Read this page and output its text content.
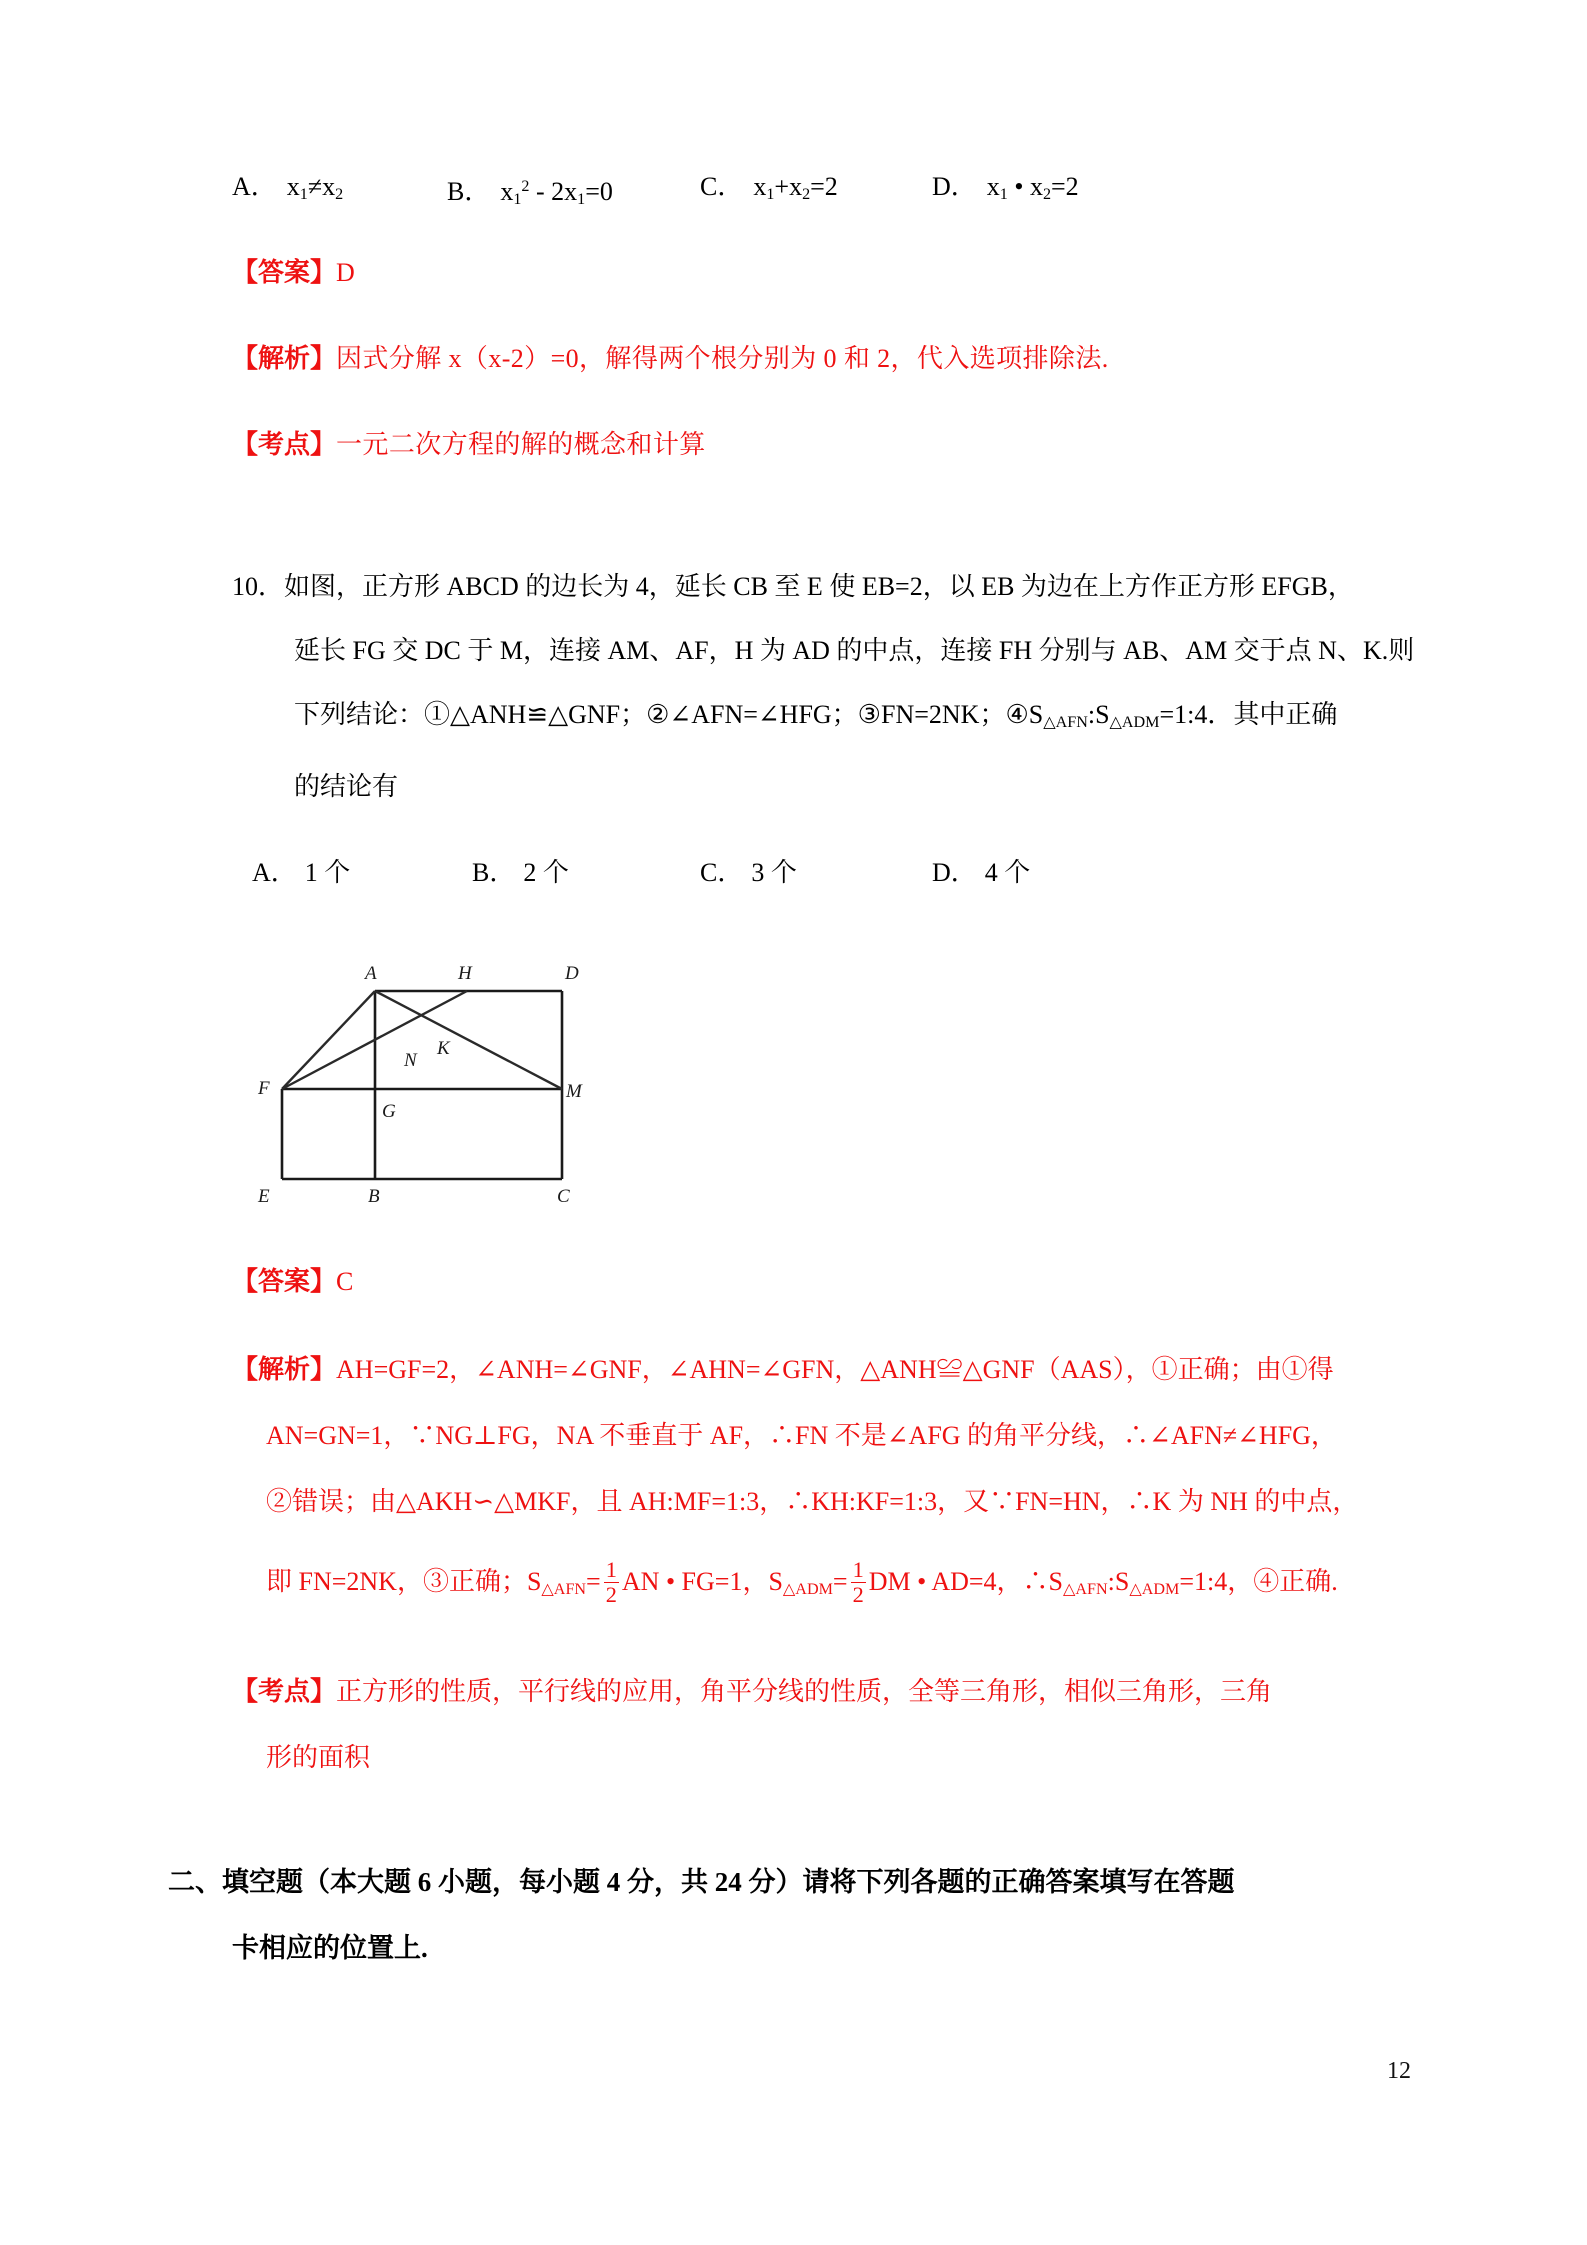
A． $x_1\ne x_2$	B． $x_1^2 - 2x_1=0$	C． $x_1+x_2=2$	D． $x_1$ • $x_2=2$
【答案】D
【解析】因式分解 x（x-2）=0，解得两个根分别为 0 和 2，代入选项排除法.
【考点】一元二次方程的解的概念和计算
10．如图，正方形 ABCD 的边长为 4，延长 CB 至 E 使 EB=2，以 EB 为边在上方作正方形 EFGB，
延长 FG 交 DC 于 M，连接 AM、AF，H 为 AD 的中点，连接 FH 分别与 AB、AM 交于点 N、K.则
下列结论：①△ANH≌△GNF；②∠AFN=∠HFG；③FN=2NK；$④S_{\triangle AFN}:S_{\triangle ADM}=1:4$．其中正确
的结论有
A． 1 个	B． 2 个	C． 3 个	D． 4 个
A	H	D
K
N
F
G
M
E	B	C
【答案】C
【解析】AH=GF=2，∠ANH=∠GNF，∠AHN=∠GFN，△ANH≌△GNF（AAS），①正确；由①得
AN=GN=1，∵NG⊥FG，NA 不垂直于 AF，∴FN 不是∠AFG 的角平分线，∴∠AFN≠∠HFG，
②错误；由△AKH∽△MKF，且 AH:MF=1:3，∴KH:KF=1:3，又∵FN=HN，∴K 为 NH 的中点，
即 FN=2NK，③正确；$S_{\triangle AFN}= \frac{1}{2}$ AN • FG=1，$S_{\triangle ADM}= \frac{1}{2}$ DM • AD=4，$\therefore S_{\triangle AFN}:S_{\triangle ADM}=1:4$，④正确.
【考点】正方形的性质，平行线的应用，角平分线的性质，全等三角形，相似三角形，三角
形的面积
二、填空题（本大题 6 小题，每小题 4 分，共 24 分）请将下列各题的正确答案填写在答题
卡相应的位置上.
12
